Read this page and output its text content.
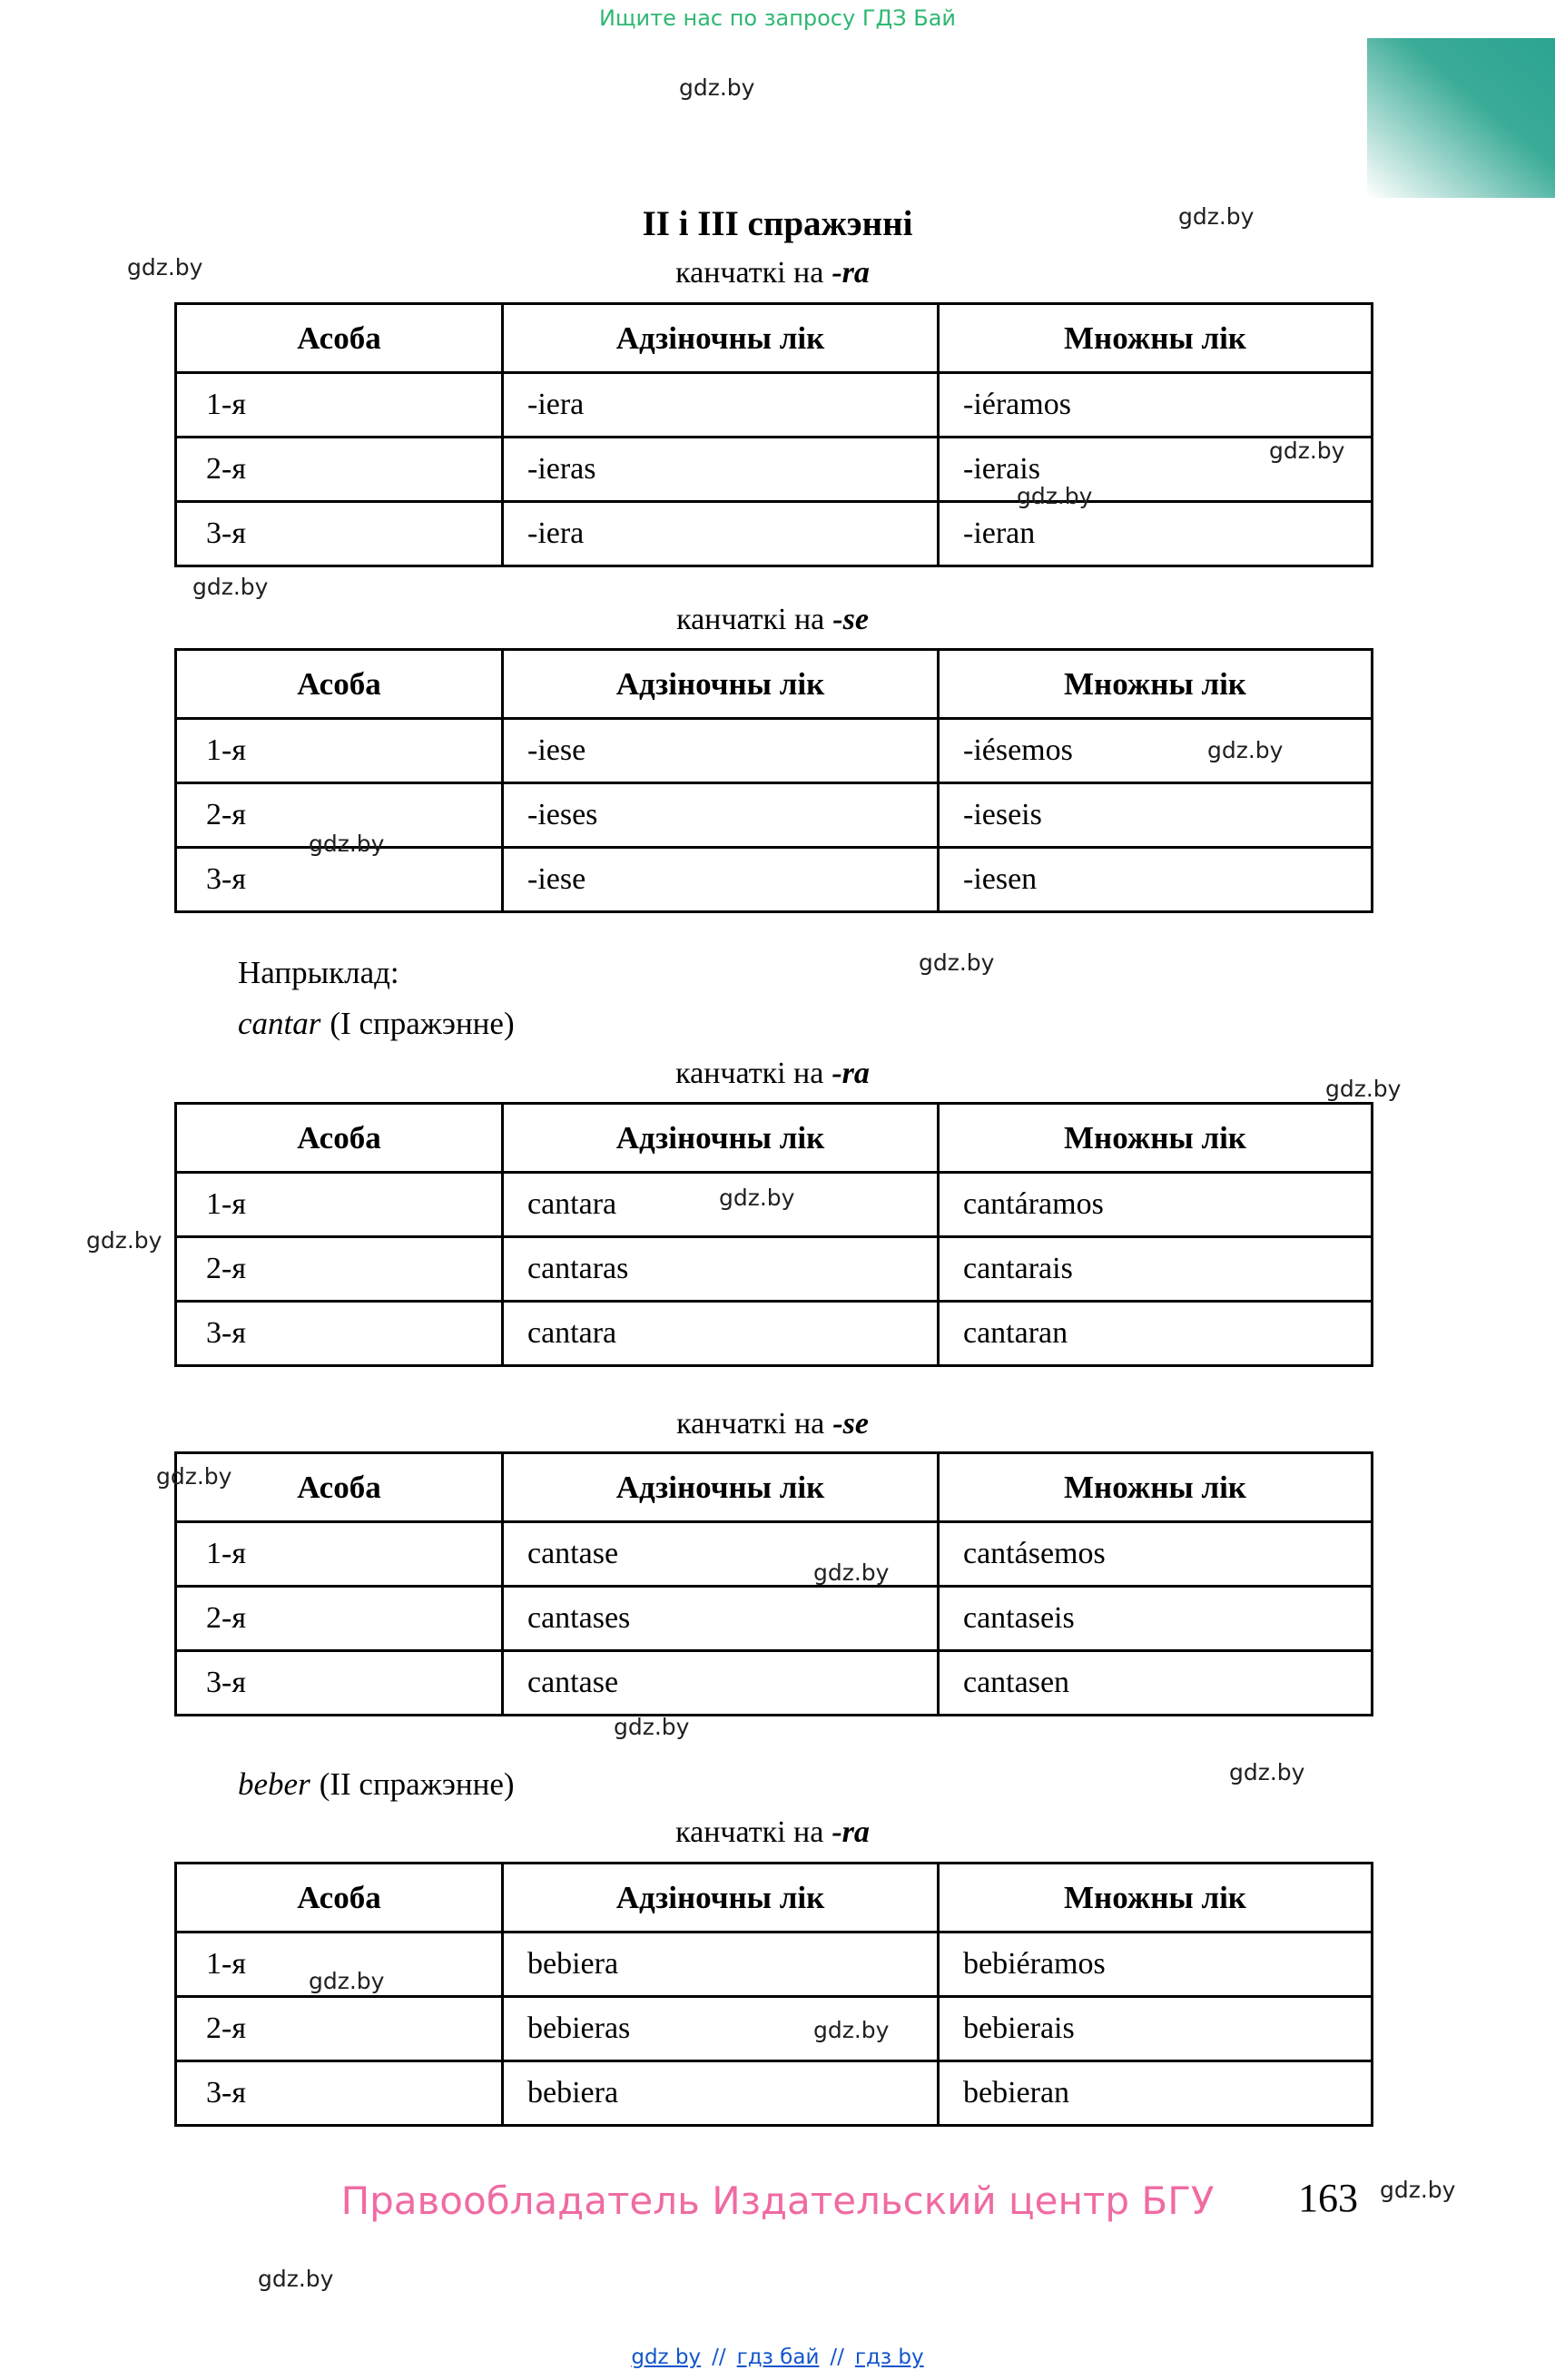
Ищите нас по запросу ГДЗ Бай
II і III спражэнні
канчаткі на -ra
Асоба	Адзіночны лік	Множны лік
1-я	-iera	-iéramos
2-я	-ieras	-ierais
3-я	-iera	-ieran
канчаткі на -se
Асоба	Адзіночны лік	Множны лік
1-я	-iese	-iésemos
2-я	-ieses	-ieseis
3-я	-iese	-iesen
Напрыклад:
cantar (I спражэнне)
канчаткі на -ra
Асоба	Адзіночны лік	Множны лік
1-я	cantara	cantáramos
2-я	cantaras	cantarais
3-я	cantara	cantaran
канчаткі на -se
Асоба	Адзіночны лік	Множны лік
1-я	cantase	cantásemos
2-я	cantases	cantaseis
3-я	cantase	cantasen
beber (II спражэнне)
канчаткі на -ra
Асоба	Адзіночны лік	Множны лік
1-я	bebiera	bebiéramos
2-я	bebieras	bebierais
3-я	bebiera	bebieran
Правообладатель Издательский центр БГУ	163
gdz by // гдз бай // гдз by
gdz.by
gdz.by
gdz.by
gdz.by
gdz.by
gdz.by
gdz.by
gdz.by
gdz.by
gdz.by
gdz.by
gdz.by
gdz.by
gdz.by
gdz.by
gdz.by
gdz.by
gdz.by
gdz.by
gdz.by
